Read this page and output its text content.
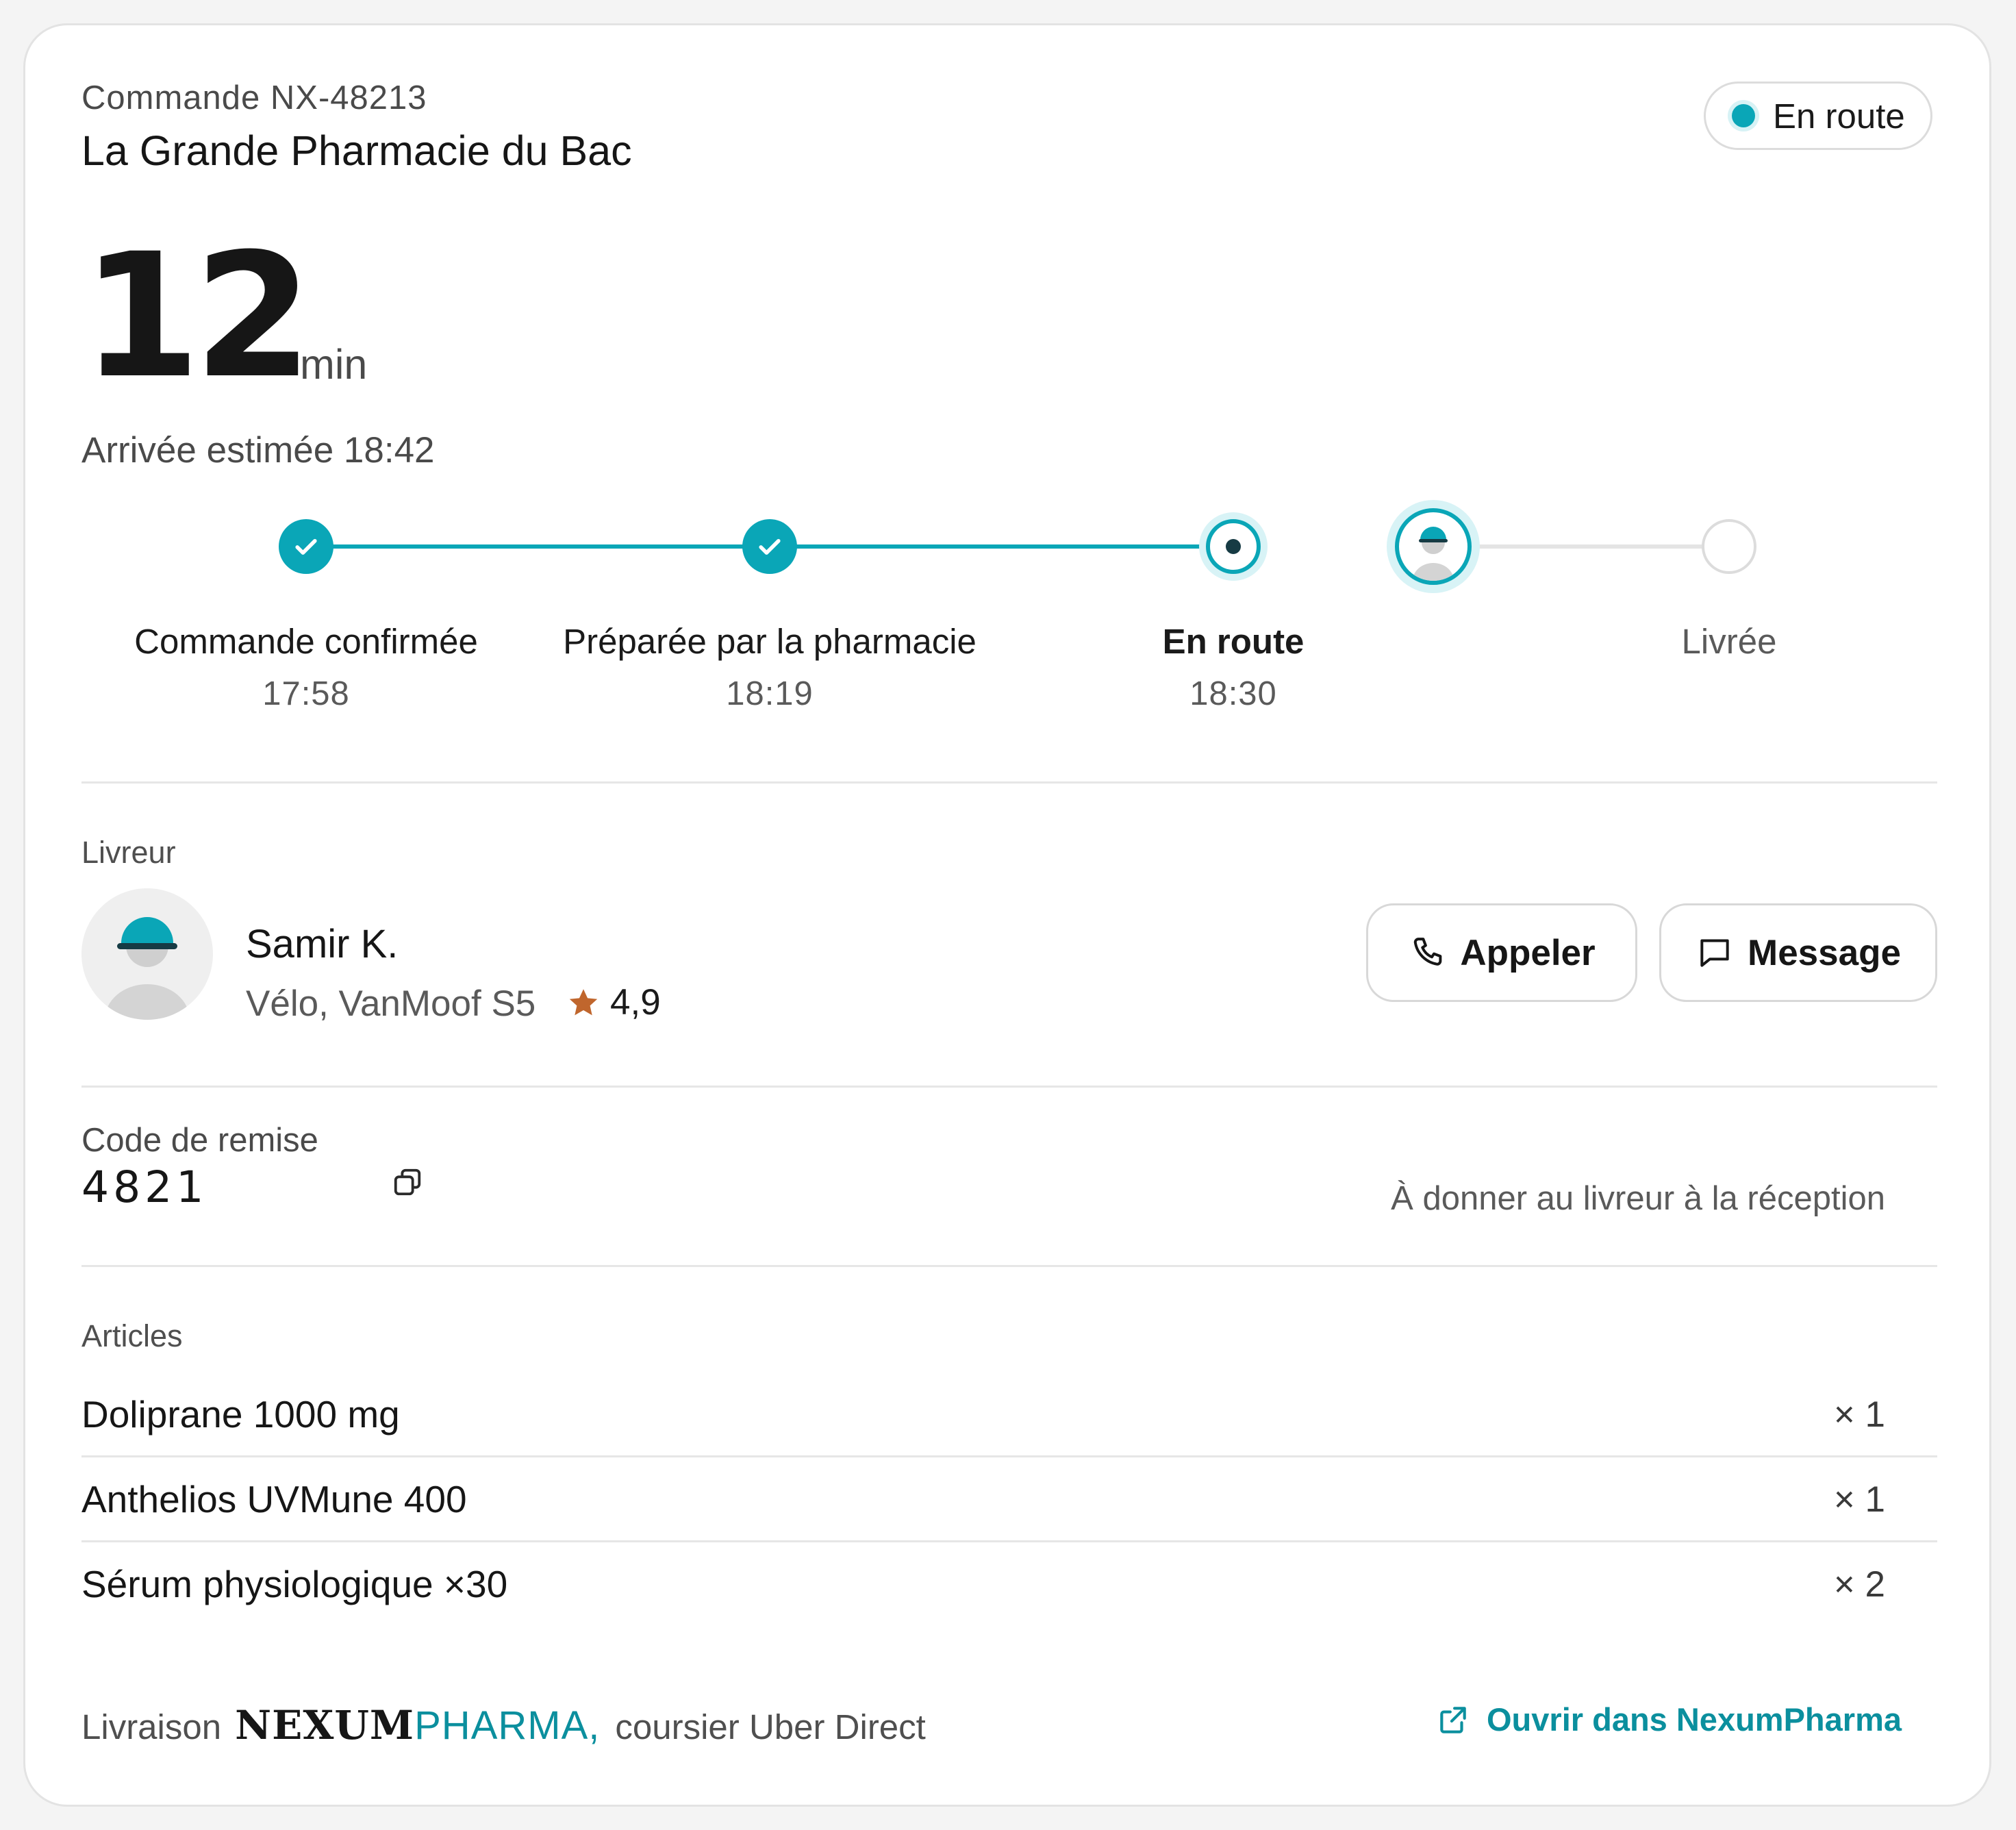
Commande NX-48213
La Grande Pharmacie du Bac
En route
12
min
Arrivée estimée 18:42
Commande confirmée
17:58
Préparée par la pharmacie
18:19
En route
18:30
Livrée
Livreur
Samir K.
Vélo, VanMoof S5 4,9
Appeler	Message
Code de remise
4821	À donner au livreur à la réception
Articles
Doliprane 1000 mg	× 1
Anthelios UVMune 400	× 1
Sérum physiologique ×30	× 2
Livraison NEXUM PHARMA, coursier Uber Direct	Ouvrir dans NexumPharma
